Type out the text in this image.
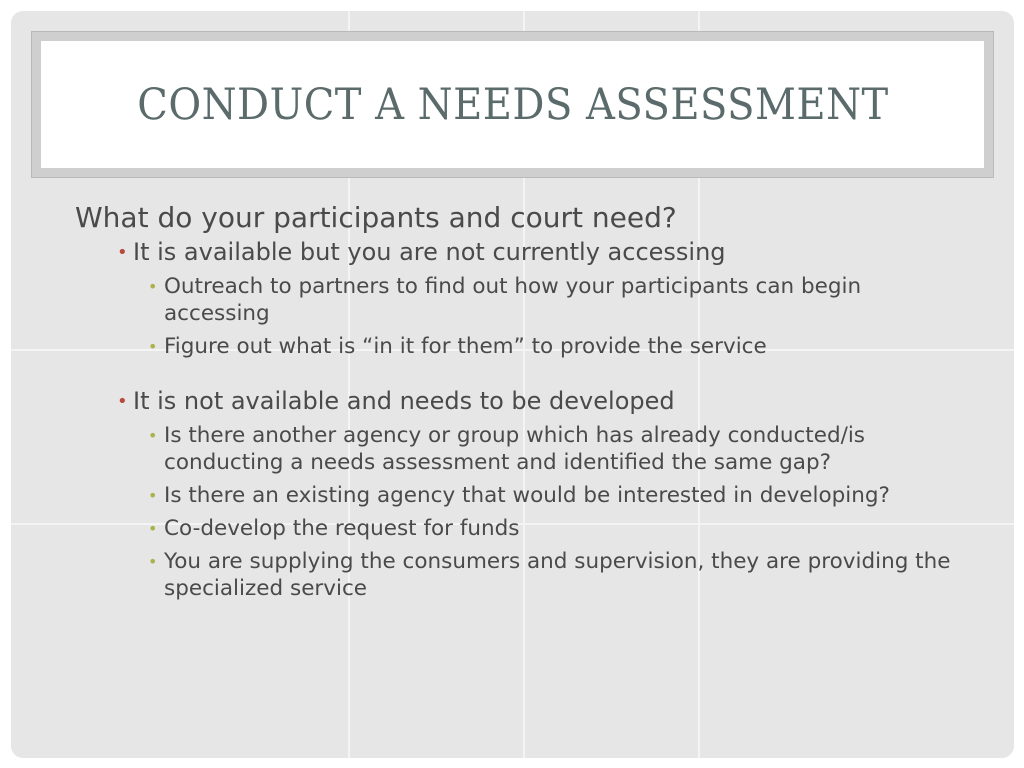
CONDUCT A NEEDS ASSESSMENT
What do your participants and court need?
• It is available but you are not currently accessing
• Outreach to partners to find out how your participants can begin accessing
• Figure out what is “in it for them” to provide the service
• It is not available and needs to be developed
• Is there another agency or group which has already conducted/is conducting a needs assessment and identified the same gap?
• Is there an existing agency that would be interested in developing?
• Co-develop the request for funds
• You are supplying the consumers and supervision, they are providing the specialized service
